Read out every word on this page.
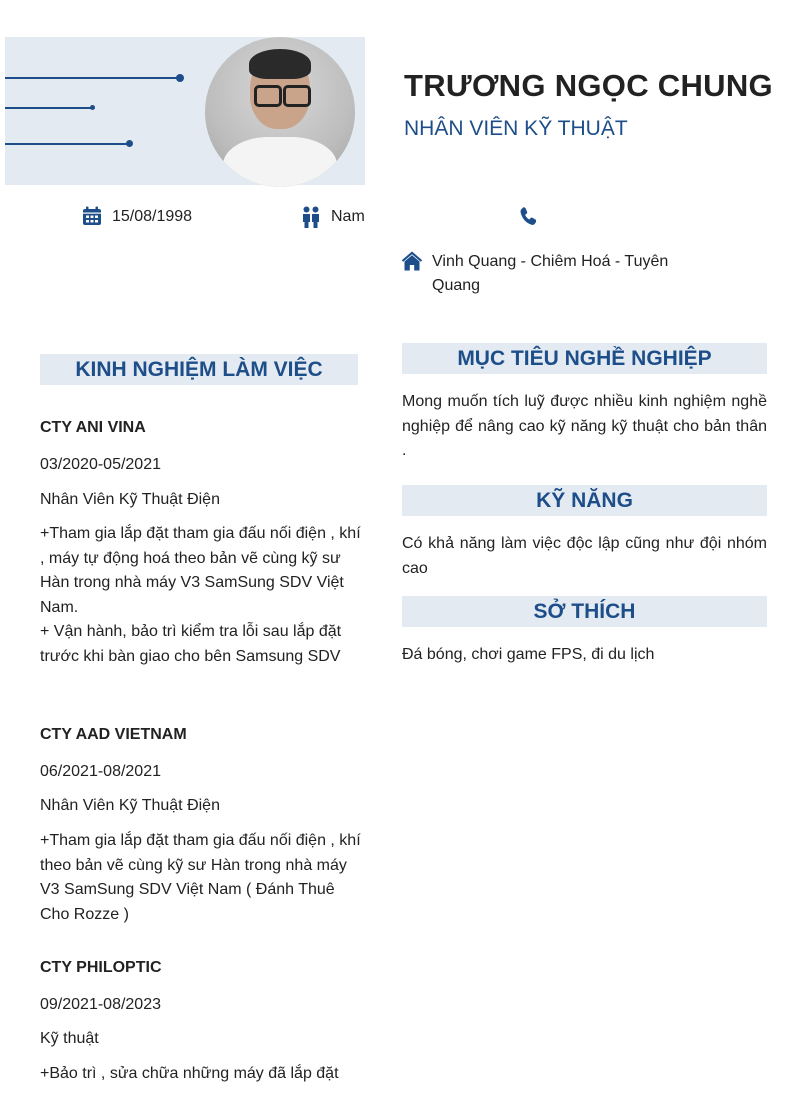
TRƯƠNG NGỌC CHUNG
NHÂN VIÊN KỸ THUẬT
15/08/1998	Nam
Vinh Quang - Chiêm Hoá - Tuyên Quang
KINH NGHIỆM LÀM VIỆC
CTY ANI VINA
03/2020-05/2021
Nhân Viên Kỹ Thuật Điện
+Tham gia lắp đặt tham gia đấu nối điện , khí , máy tự động hoá theo bản vẽ cùng kỹ sư Hàn trong nhà máy V3 SamSung SDV Việt Nam.
+ Vận hành, bảo trì kiểm tra lỗi sau lắp đặt trước khi bàn giao cho bên Samsung SDV
CTY AAD VIETNAM
06/2021-08/2021
Nhân Viên Kỹ Thuật Điện
+Tham gia lắp đặt tham gia đấu nối điện , khí theo bản vẽ cùng kỹ sư Hàn trong nhà máy V3 SamSung SDV Việt Nam ( Đánh Thuê Cho Rozze )
CTY PHILOPTIC
09/2021-08/2023
Kỹ thuật
+Bảo trì , sửa chữa những máy đã lắp đặt
MỤC TIÊU NGHỀ NGHIỆP
Mong muốn tích luỹ được nhiều kinh nghiệm nghề nghiệp để nâng cao kỹ năng kỹ thuật cho bản thân .
KỸ NĂNG
Có khả năng làm việc độc lập cũng như đội nhóm cao
SỞ THÍCH
Đá bóng, chơi game FPS, đi du lịch
